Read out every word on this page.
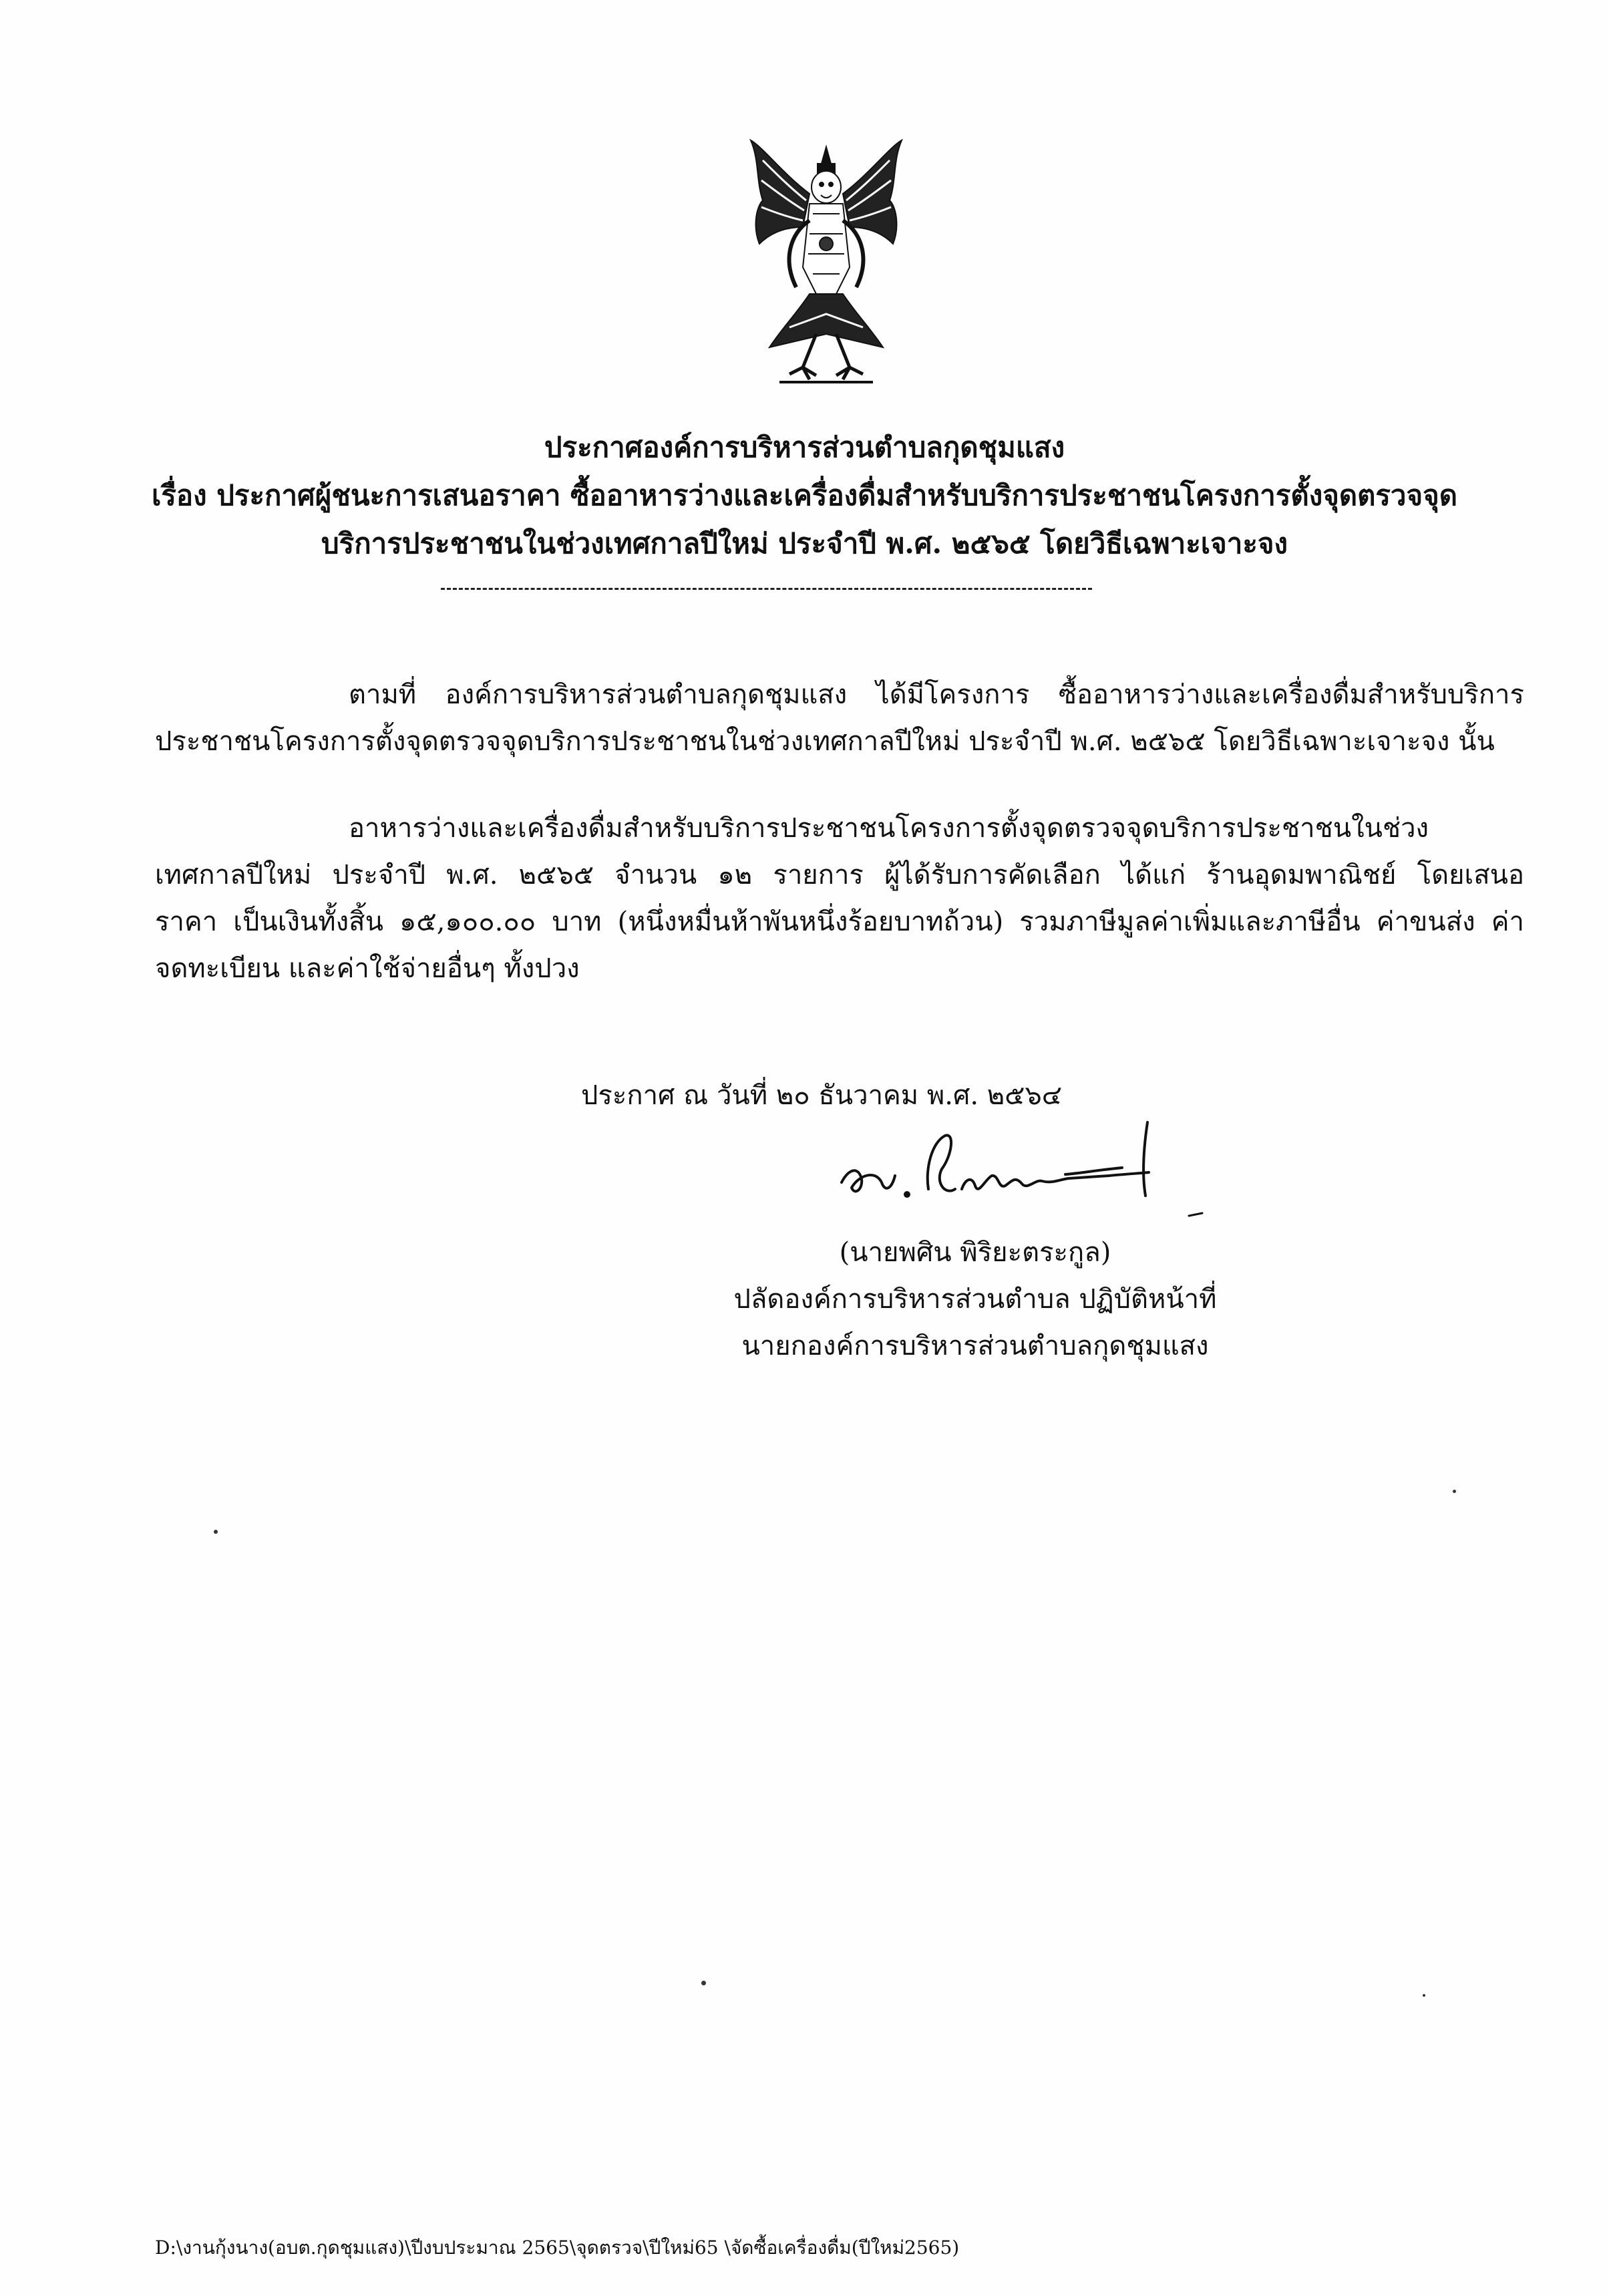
ประกาศองค์การบริหารส่วนตำบลกุดชุมแสง
เรื่อง ประกาศผู้ชนะการเสนอราคา ซื้ออาหารว่างและเครื่องดื่มสำหรับบริการประชาชนโครงการตั้งจุดตรวจจุด
บริการประชาชนในช่วงเทศกาลปีใหม่ ประจำปี พ.ศ. ๒๕๖๕ โดยวิธีเฉพาะเจาะจง
ตามที่ องค์การบริหารส่วนตำบลกุดชุมแสง ได้มีโครงการ ซื้ออาหารว่างและเครื่องดื่มสำหรับบริการ
ประชาชนโครงการตั้งจุดตรวจจุดบริการประชาชนในช่วงเทศกาลปีใหม่ ประจำปี พ.ศ. ๒๕๖๕ โดยวิธีเฉพาะเจาะจง นั้น
อาหารว่างและเครื่องดื่มสำหรับบริการประชาชนโครงการตั้งจุดตรวจจุดบริการประชาชนในช่วง
เทศกาลปีใหม่ ประจำปี พ.ศ. ๒๕๖๕ จำนวน ๑๒ รายการ ผู้ได้รับการคัดเลือก ได้แก่ ร้านอุดมพาณิชย์ โดยเสนอ
ราคา เป็นเงินทั้งสิ้น ๑๕,๑๐๐.๐๐ บาท (หนึ่งหมื่นห้าพันหนึ่งร้อยบาทถ้วน) รวมภาษีมูลค่าเพิ่มและภาษีอื่น ค่าขนส่ง ค่า
จดทะเบียน และค่าใช้จ่ายอื่นๆ ทั้งปวง
ประกาศ ณ วันที่ ๒๐ ธันวาคม พ.ศ. ๒๕๖๔
(นายพศิน พิริยะตระกูล)
ปลัดองค์การบริหารส่วนตำบล ปฏิบัติหน้าที่
นายกองค์การบริหารส่วนตำบลกุดชุมแสง
D:\งานกุ้งนาง(อบต.กุดชุมแสง)\ปีงบประมาณ 2565\จุดตรวจ\ปีใหม่65 \จัดซื้อเครื่องดื่ม(ปีใหม่2565)
